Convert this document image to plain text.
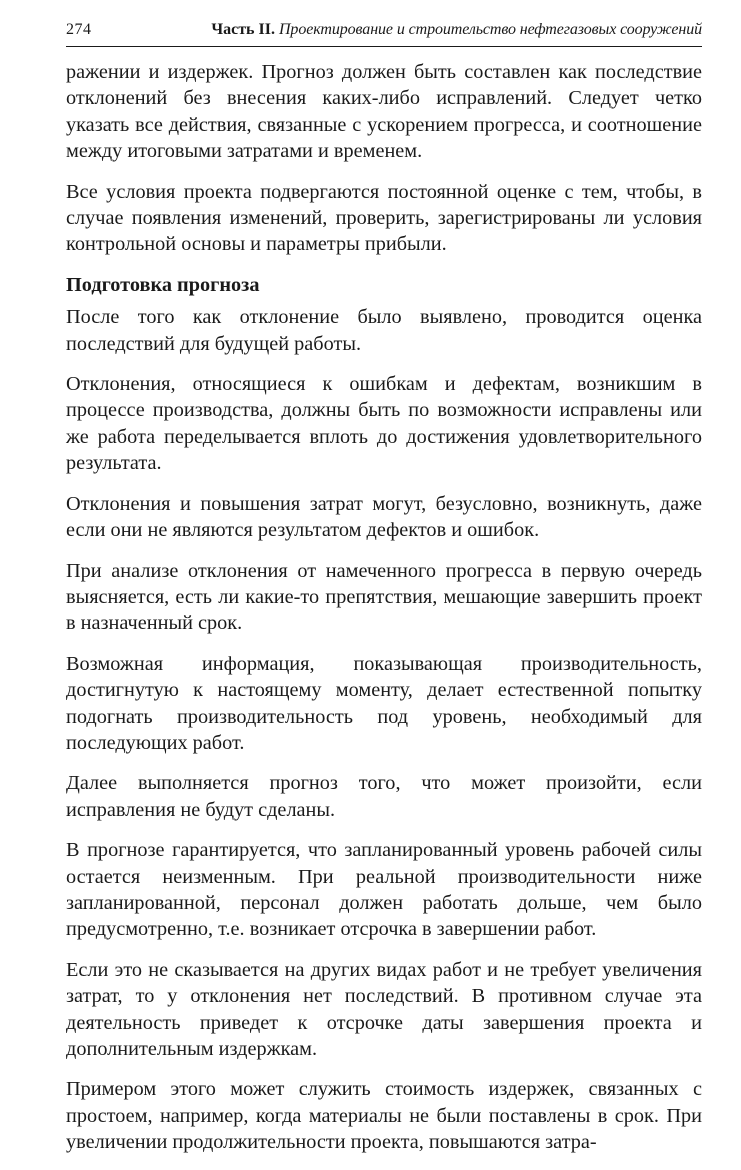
274	Часть II. Проектирование и строительство нефтегазовых сооружений

ражении и издержек. Прогноз должен быть составлен как последствие отклонений без внесения каких-либо исправлений. Следует четко указать все действия, связанные с ускорением прогресса, и соотношение между итоговыми затратами и временем.

Все условия проекта подвергаются постоянной оценке с тем, чтобы, в случае появления изменений, проверить, зарегистрированы ли условия контрольной основы и параметры прибыли.

Подготовка прогноза

После того как отклонение было выявлено, проводится оценка последствий для будущей работы.

Отклонения, относящиеся к ошибкам и дефектам, возникшим в процессе производства, должны быть по возможности исправлены или же работа переделывается вплоть до достижения удовлетворительного результата.

Отклонения и повышения затрат могут, безусловно, возникнуть, даже если они не являются результатом дефектов и ошибок.

При анализе отклонения от намеченного прогресса в первую очередь выясняется, есть ли какие-то препятствия, мешающие завершить проект в назначенный срок.

Возможная информация, показывающая производительность, достигнутую к настоящему моменту, делает естественной попытку подогнать производительность под уровень, необходимый для последующих работ.

Далее выполняется прогноз того, что может произойти, если исправления не будут сделаны.

В прогнозе гарантируется, что запланированный уровень рабочей силы остается неизменным. При реальной производительности ниже запланированной, персонал должен работать дольше, чем было предусмотренно, т.е. возникает отсрочка в завершении работ.

Если это не сказывается на других видах работ и не требует увеличения затрат, то у отклонения нет последствий. В противном случае эта деятельность приведет к отсрочке даты завершения проекта и дополнительным издержкам.

Примером этого может служить стоимость издержек, связанных с простоем, например, когда материалы не были поставлены в срок. При увеличении продолжительности проекта, повышаются затра-
